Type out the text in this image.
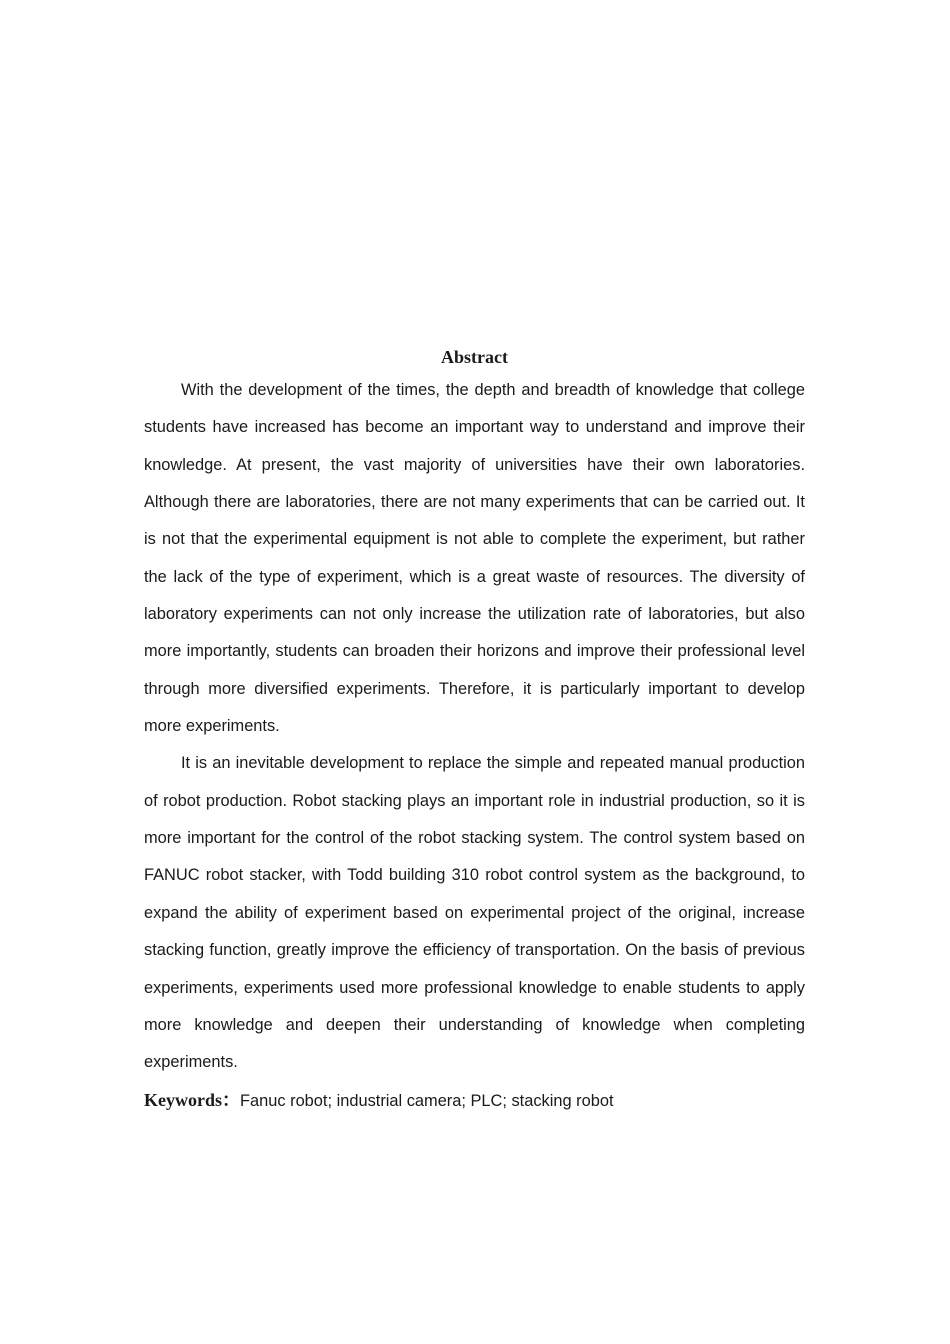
Abstract

With the development of the times, the depth and breadth of knowledge that college students have increased has become an important way to understand and improve their knowledge. At present, the vast majority of universities have their own laboratories. Although there are laboratories, there are not many experiments that can be carried out. It is not that the experimental equipment is not able to complete the experiment, but rather the lack of the type of experiment, which is a great waste of resources. The diversity of laboratory experiments can not only increase the utilization rate of laboratories, but also more importantly, students can broaden their horizons and improve their professional level through more diversified experiments. Therefore, it is particularly important to develop more experiments.

It is an inevitable development to replace the simple and repeated manual production of robot production. Robot stacking plays an important role in industrial production, so it is more important for the control of the robot stacking system. The control system based on FANUC robot stacker, with Todd building 310 robot control system as the background, to expand the ability of experiment based on experimental project of the original, increase stacking function, greatly improve the efficiency of transportation. On the basis of previous experiments, experiments used more professional knowledge to enable students to apply more knowledge and deepen their understanding of knowledge when completing experiments.

Keywords：Fanuc robot; industrial camera; PLC; stacking robot
